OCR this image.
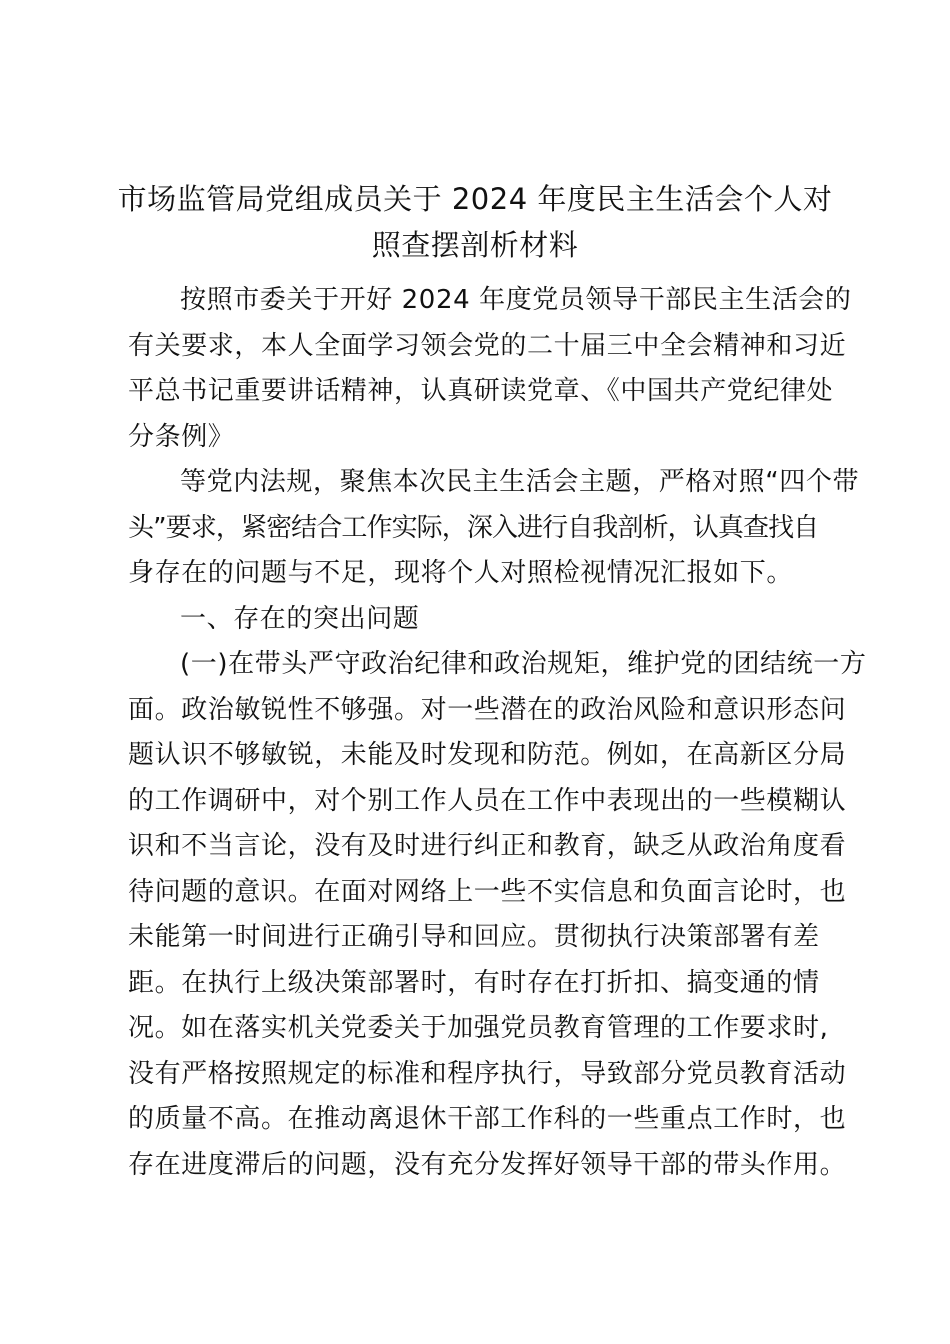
市场监管局党组成员关于 2024 年度民主生活会个人对
照查摆剖析材料
按照市委关于开好 2024 年度党员领导干部民主生活会的
有关要求，本人全面学习领会党的二十届三中全会精神和习近
平总书记重要讲话精神，认真研读党章、《中国共产党纪律处
分条例》
等党内法规，聚焦本次民主生活会主题，严格对照“四个带
头”要求，紧密结合工作实际，深入进行自我剖析，认真查找自
身存在的问题与不足，现将个人对照检视情况汇报如下。
一、存在的突出问题
(一)在带头严守政治纪律和政治规矩，维护党的团结统一方
面。政治敏锐性不够强。对一些潜在的政治风险和意识形态问
题认识不够敏锐，未能及时发现和防范。例如，在高新区分局
的工作调研中，对个别工作人员在工作中表现出的一些模糊认
识和不当言论，没有及时进行纠正和教育，缺乏从政治角度看
待问题的意识。在面对网络上一些不实信息和负面言论时，也
未能第一时间进行正确引导和回应。贯彻执行决策部署有差
距。在执行上级决策部署时，有时存在打折扣、搞变通的情
况。如在落实机关党委关于加强党员教育管理的工作要求时,
没有严格按照规定的标准和程序执行，导致部分党员教育活动
的质量不高。在推动离退休干部工作科的一些重点工作时，也
存在进度滞后的问题，没有充分发挥好领导干部的带头作用。
